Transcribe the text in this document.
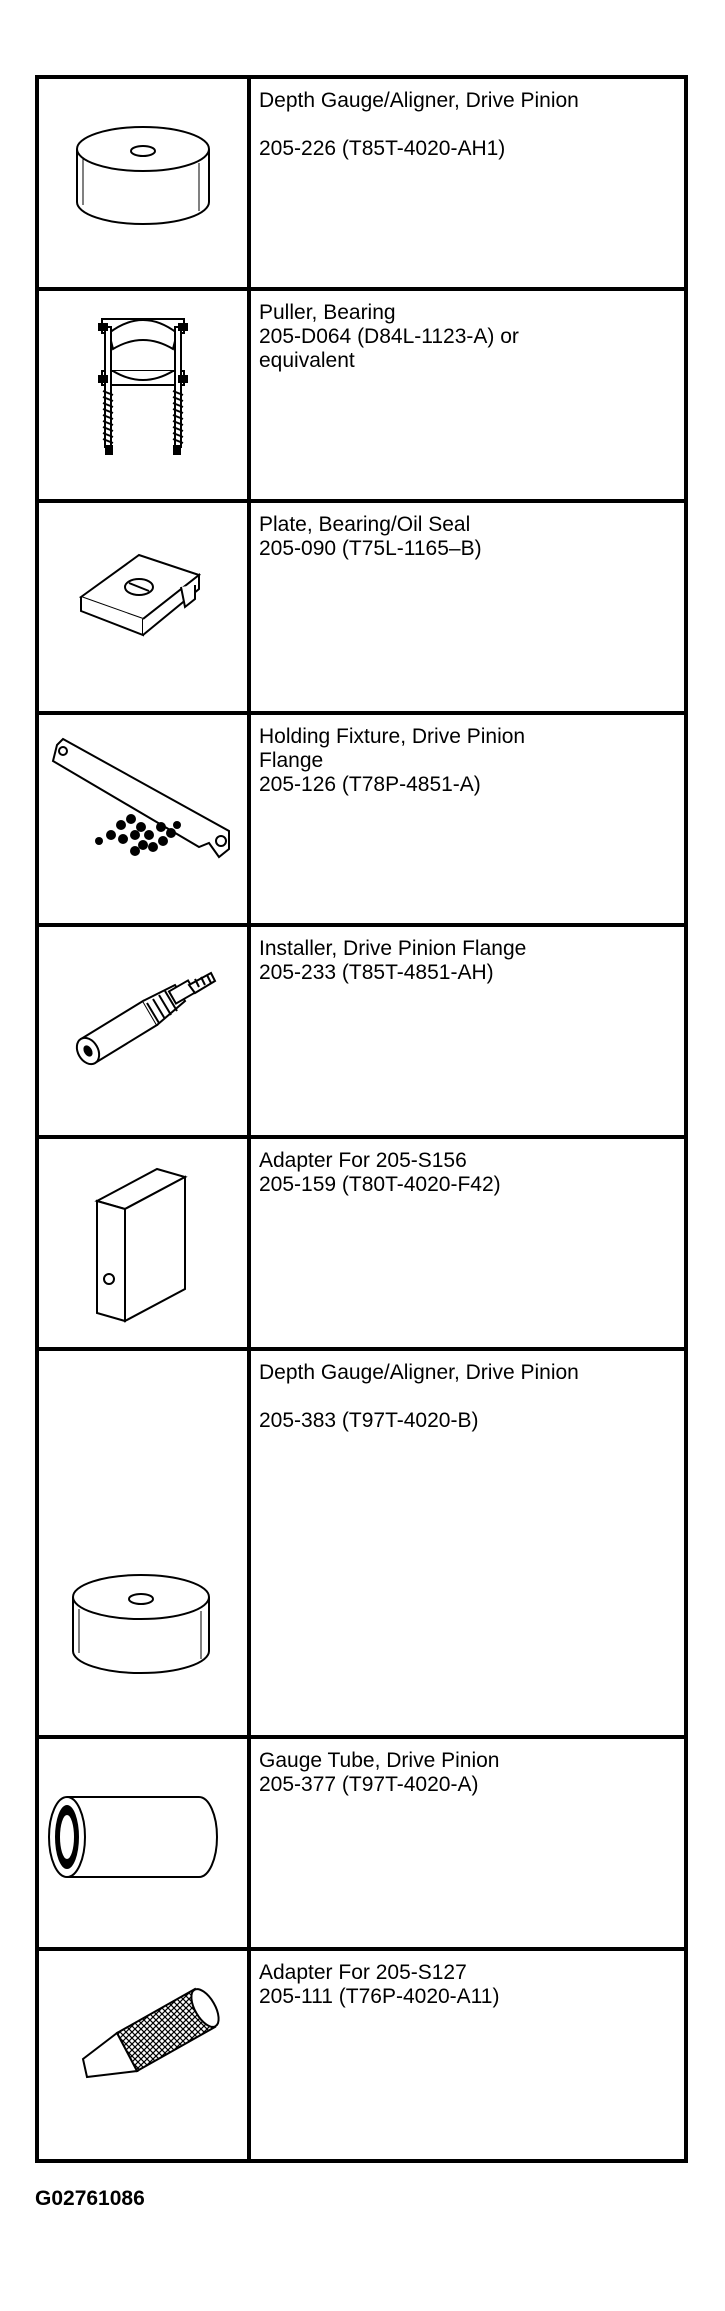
Depth Gauge/Aligner, Drive Pinion

205-226 (T85T-4020-AH1)

Puller, Bearing
205-D064 (D84L-1123-A) or
equivalent

Plate, Bearing/Oil Seal
205-090 (T75L-1165–B)

Holding Fixture, Drive Pinion
Flange
205-126 (T78P-4851-A)

Installer, Drive Pinion Flange
205-233 (T85T-4851-AH)

Adapter For 205-S156
205-159 (T80T-4020-F42)

Depth Gauge/Aligner, Drive Pinion

205-383 (T97T-4020-B)

Gauge Tube, Drive Pinion
205-377 (T97T-4020-A)

Adapter For 205-S127
205-111 (T76P-4020-A11)
G02761086
